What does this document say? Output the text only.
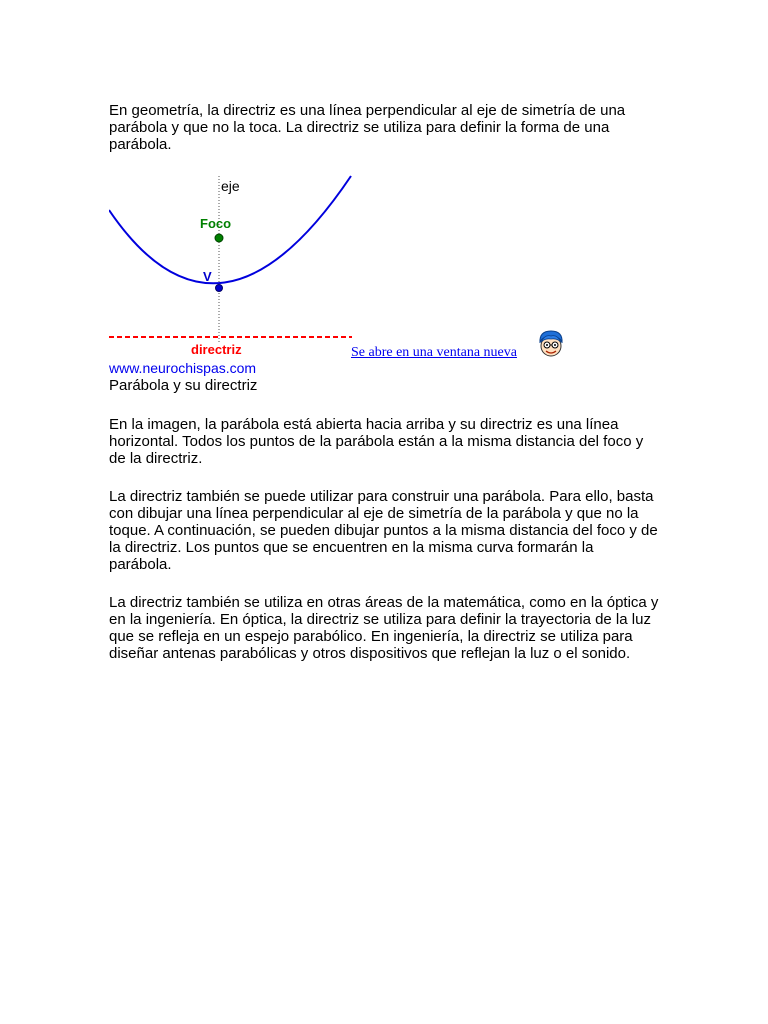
En geometría, la directriz es una línea perpendicular al eje de simetría de una parábola y que no la toca. La directriz se utiliza para definir la forma de una parábola.

eje
Foco
V
directriz	Se abre en una ventana nueva
www.neurochispas.com
Parábola y su directriz

En la imagen, la parábola está abierta hacia arriba y su directriz es una línea horizontal. Todos los puntos de la parábola están a la misma distancia del foco y de la directriz.

La directriz también se puede utilizar para construir una parábola. Para ello, basta con dibujar una línea perpendicular al eje de simetría de la parábola y que no la toque. A continuación, se pueden dibujar puntos a la misma distancia del foco y de la directriz. Los puntos que se encuentren en la misma curva formarán la parábola.

La directriz también se utiliza en otras áreas de la matemática, como en la óptica y en la ingeniería. En óptica, la directriz se utiliza para definir la trayectoria de la luz que se refleja en un espejo parabólico. En ingeniería, la directriz se utiliza para diseñar antenas parabólicas y otros dispositivos que reflejan la luz o el sonido.
